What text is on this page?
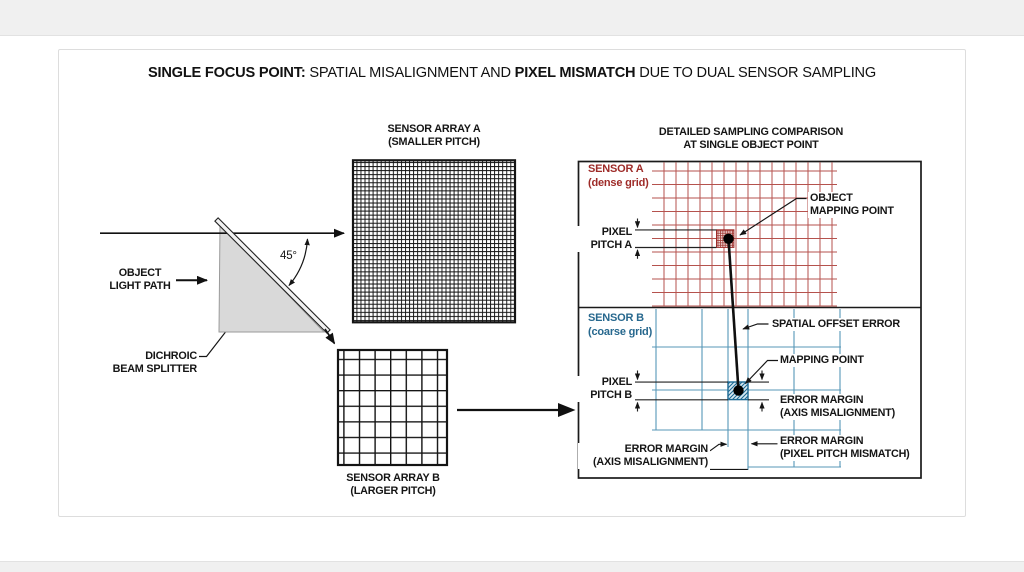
SINGLE FOCUS POINT: SPATIAL MISALIGNMENT AND PIXEL MISMATCH DUE TO DUAL SENSOR SAMPLING
SENSOR ARRAY A
(SMALLER PITCH)
SENSOR ARRAY B
(LARGER PITCH)
OBJECT
LIGHT PATH
DICHROIC
BEAM SPLITTER
45°
DETAILED SAMPLING COMPARISON
AT SINGLE OBJECT POINT
SENSOR A
(dense grid)
SENSOR B
(coarse grid)
PIXEL
PITCH A
PIXEL
PITCH B
OBJECT
MAPPING POINT
SPATIAL OFFSET ERROR
MAPPING POINT
ERROR MARGIN
(AXIS MISALIGNMENT)
ERROR MARGIN
(AXIS MISALIGNMENT)
ERROR MARGIN
(PIXEL PITCH MISMATCH)
